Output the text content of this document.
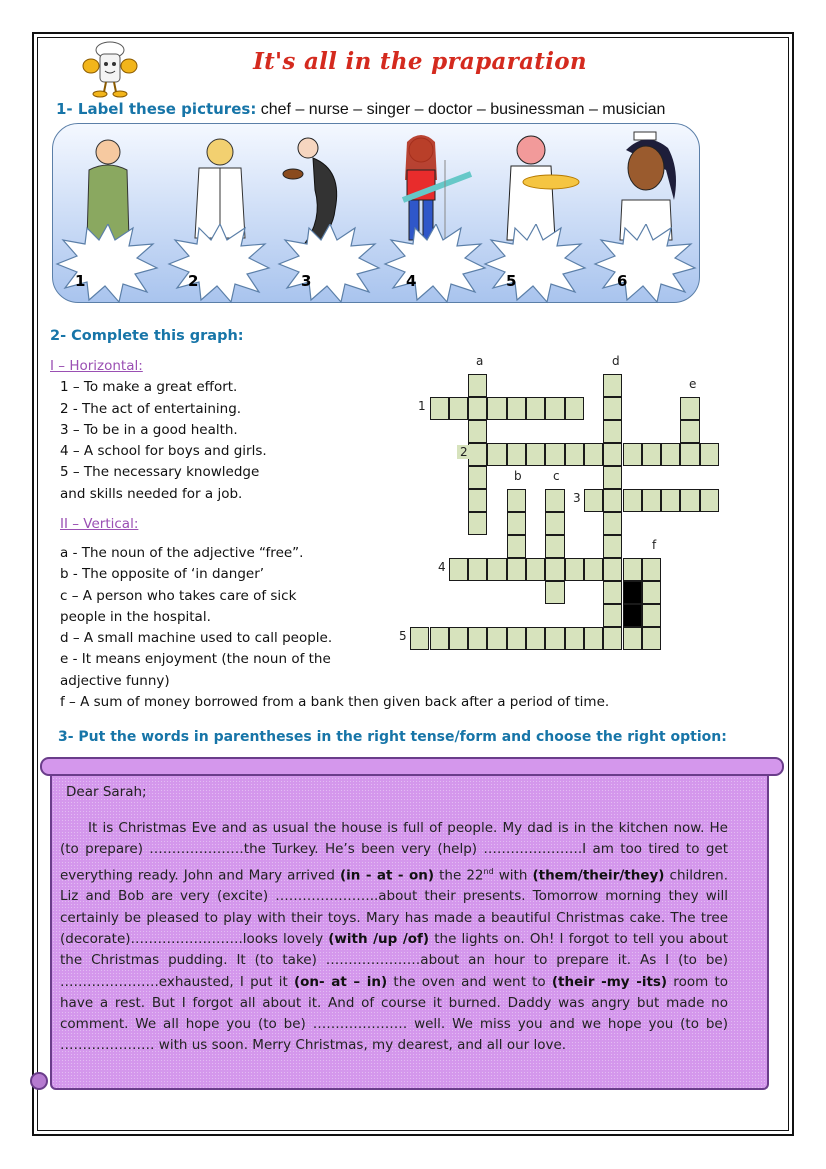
It's all in the praparation
1- Label these pictures: chef – nurse – singer – doctor – businessman – musician
1	2	3	4	5	6
2- Complete this graph:
I – Horizontal:
1 – To make a great effort.
2 - The act of entertaining.
3 – To be in a good health.
4 – A school for boys and girls.
5 – The necessary knowledge
and skills needed for a job.
II – Vertical:
a - The noun of the adjective “free”.
b - The opposite of ‘in danger’
c – A person who takes care of sick
people in the hospital.
d – A small machine used to call people.
e - It means enjoyment (the noun of the
adjective funny)
f – A sum of money borrowed from a bank then given back after a period of time.
a	d
e
b	c
f
1
2
3
4
5
3- Put the words in parentheses in the right tense/form and choose the right option:
Dear Sarah;
It is Christmas Eve and as usual the house is full of people. My dad is in the kitchen now. He (to prepare) …………………the Turkey. He’s been very (help) ………………….I am too tired to get everything ready. John and Mary arrived (in - at - on) the 22nd with (them/their/they) children. Liz and Bob are very (excite) …………………..about their presents. Tomorrow morning they will certainly be pleased to play with their toys. Mary has made a beautiful Christmas cake. The tree (decorate)…………………….looks lovely (with /up /of) the lights on. Oh! I forgot to tell you about the Christmas pudding. It (to take) …………………about an hour to prepare it. As I (to be) ………………….exhausted, I put it (on- at – in) the oven and went to (their -my -its) room to have a rest. But I forgot all about it. And of course it burned. Daddy was angry but made no comment. We all hope you (to be) ………………… well. We miss you and we hope you (to be) ………………… with us soon. Merry Christmas, my dearest, and all our love.
